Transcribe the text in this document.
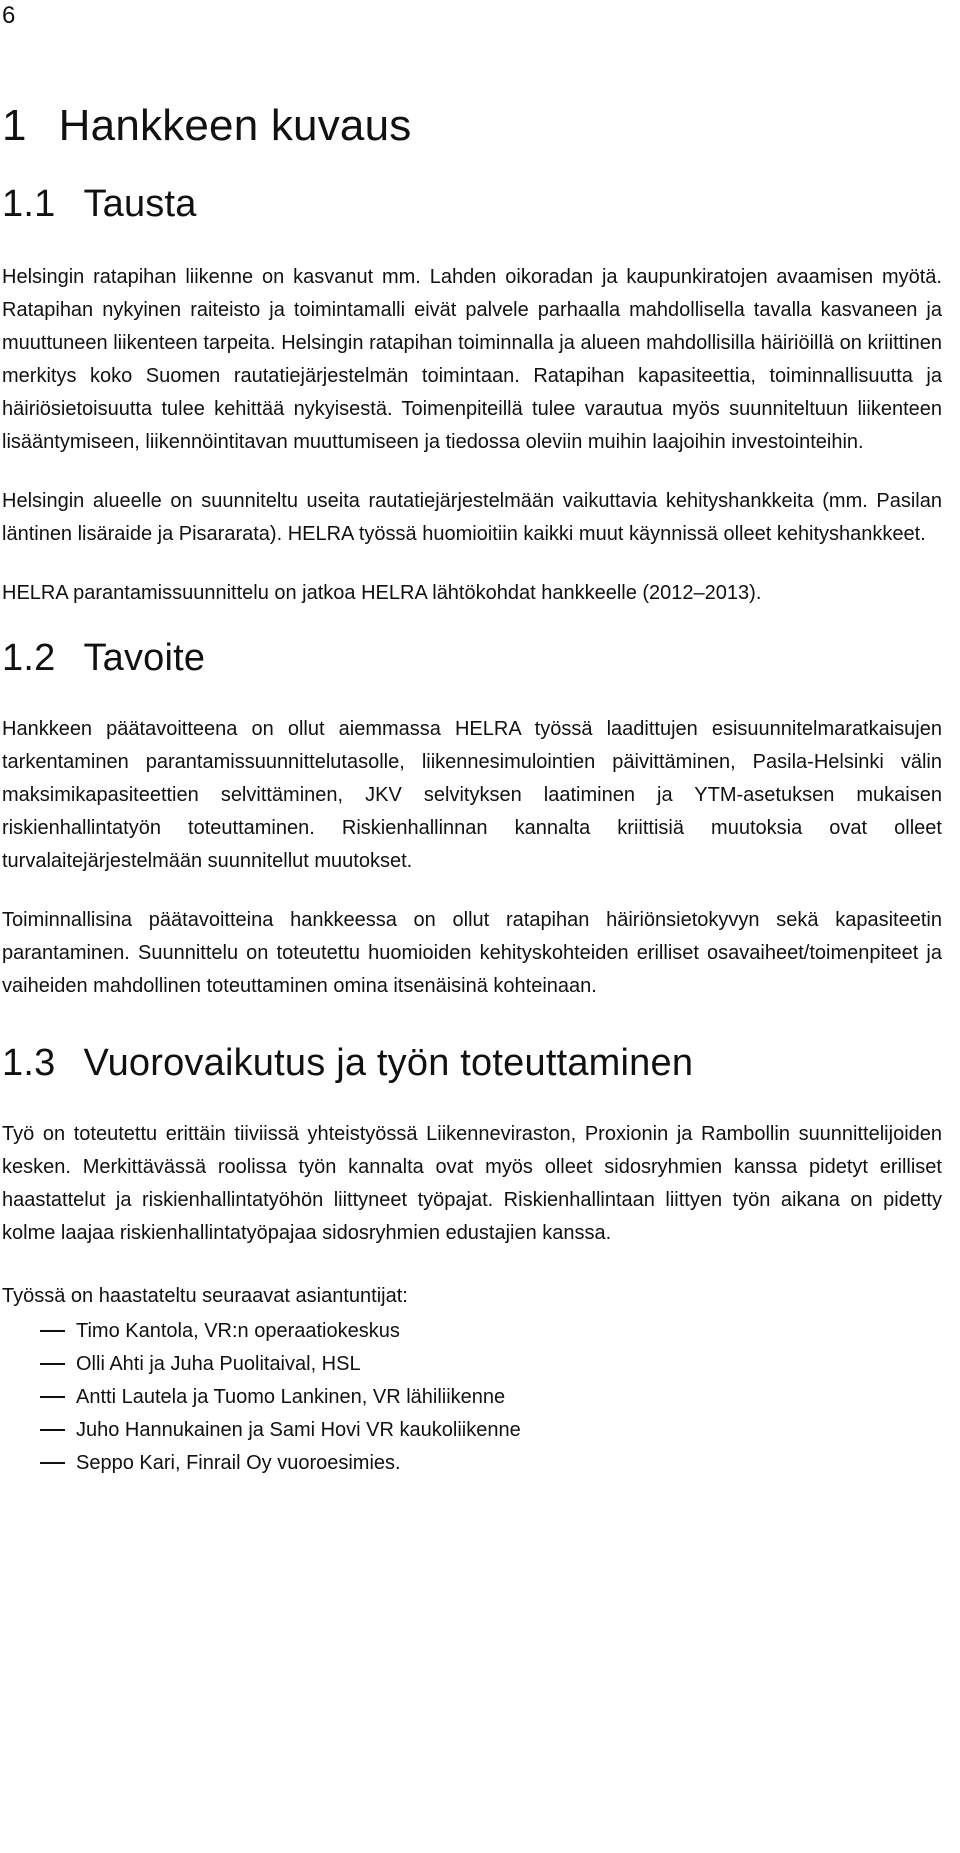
6
1 Hankkeen kuvaus
1.1 Tausta

Helsingin ratapihan liikenne on kasvanut mm. Lahden oikoradan ja kaupunkiratojen avaamisen myötä. Ratapihan nykyinen raiteisto ja toimintamalli eivät palvele parhaalla mahdollisella tavalla kasvaneen ja muuttuneen liikenteen tarpeita. Helsingin ratapihan toiminnalla ja alueen mahdollisilla häiriöillä on kriittinen merkitys koko Suomen rautatiejärjestelmän toimintaan. Ratapihan kapasiteettia, toiminnallisuutta ja häiriösietoisuutta tulee kehittää nykyisestä. Toimenpiteillä tulee varautua myös suunniteltuun liikenteen lisääntymiseen, liikennöintitavan muuttumiseen ja tiedossa oleviin muihin laajoihin investointeihin.

Helsingin alueelle on suunniteltu useita rautatiejärjestelmään vaikuttavia kehityshankkeita (mm. Pasilan läntinen lisäraide ja Pisararata). HELRA työssä huomioitiin kaikki muut käynnissä olleet kehityshankkeet.

HELRA parantamissuunnittelu on jatkoa HELRA lähtökohdat hankkeelle (2012–2013).

1.2 Tavoite

Hankkeen päätavoitteena on ollut aiemmassa HELRA työssä laadittujen esisuunnitelmaratkaisujen tarkentaminen parantamissuunnittelutasolle, liikennesimulointien päivittäminen, Pasila-Helsinki välin maksimikapasiteettien selvittäminen, JKV selvityksen laatiminen ja YTM-asetuksen mukaisen riskienhallintatyön toteuttaminen. Riskienhallinnan kannalta kriittisiä muutoksia ovat olleet turvalaitejärjestelmään suunnitellut muutokset.

Toiminnallisina päätavoitteina hankkeessa on ollut ratapihan häiriönsietokyvyn sekä kapasiteetin parantaminen. Suunnittelu on toteutettu huomioiden kehityskohteiden erilliset osavaiheet/toimenpiteet ja vaiheiden mahdollinen toteuttaminen omina itsenäisinä kohteinaan.

1.3 Vuorovaikutus ja työn toteuttaminen

Työ on toteutettu erittäin tiiviissä yhteistyössä Liikenneviraston, Proxionin ja Rambollin suunnittelijoiden kesken. Merkittävässä roolissa työn kannalta ovat myös olleet sidosryhmien kanssa pidetyt erilliset haastattelut ja riskienhallintatyöhön liittyneet työpajat. Riskienhallintaan liittyen työn aikana on pidetty kolme laajaa riskienhallintatyöpajaa sidosryhmien edustajien kanssa.

Työssä on haastateltu seuraavat asiantuntijat:

Timo Kantola, VR:n operaatiokeskus
Olli Ahti ja Juha Puolitaival, HSL
Antti Lautela ja Tuomo Lankinen, VR lähiliikenne
Juho Hannukainen ja Sami Hovi VR kaukoliikenne
Seppo Kari, Finrail Oy vuoroesimies.
